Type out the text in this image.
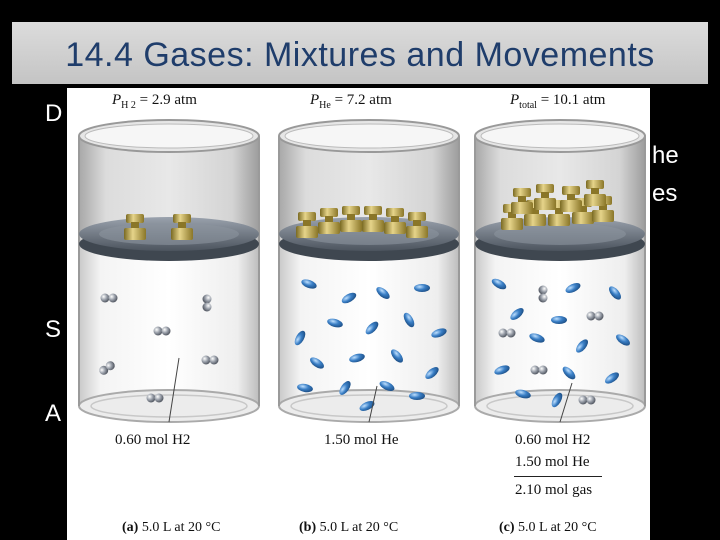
14.4 Gases: Mixtures and Movements
D
he
es
S
A
$P_{H 2} = 2.9$ atm	$P_{He} = 7.2$ atm	$P_{total} = 10.1$ atm
0.60 mol H2	1.50 mol He	0.60 mol H2
1.50 mol He
2.10 mol gas
(a) 5.0 L at 20 °C	(b) 5.0 L at 20 °C	(c) 5.0 L at 20 °C
